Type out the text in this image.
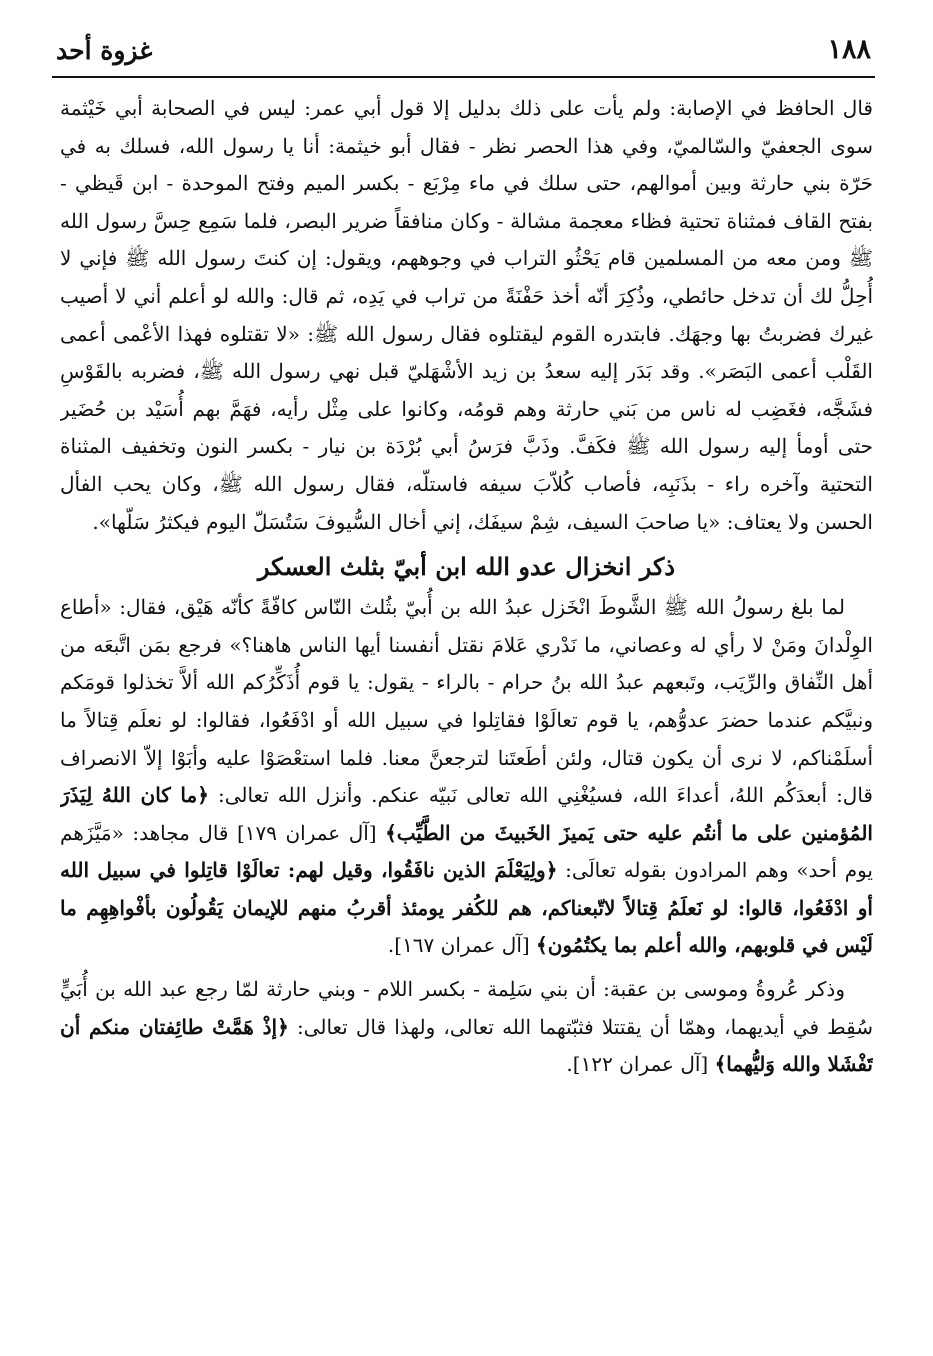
١٨٨
غزوة أحد

قال الحافظ في الإصابة: ولم يأت على ذلك بدليل إلا قول أبي عمر: ليس في الصحابة أبي خَيْثمة سوى الجعفيّ والسّالميّ، وفي هذا الحصر نظر - فقال أبو خيثمة: أنا يا رسول الله، فسلك به في حَرّة بني حارثة وبين أموالهم، حتى سلك في ماء مِرْبَع - بكسر الميم وفتح الموحدة - ابن قَيظي - بفتح القاف فمثناة تحتية فظاء معجمة مشالة - وكان منافقاً ضرير البصر، فلما سَمِع حِسَّ رسول الله ﷺ ومن معه من المسلمين قام يَحْثُو التراب في وجوههم، ويقول: إن كنتَ رسول الله ﷺ فإني لا أُحِلُّ لك أن تدخل حائطي، وذُكِرَ أنّه أخذ حَفْنَةً من تراب في يَدِه، ثم قال: والله لو أعلم أني لا أصيب غيرك فضربتُ بها وجهَك. فابتدره القوم ليقتلوه فقال رسول الله ﷺ: «لا تقتلوه فهذا الأعْمى أعمى القَلْب أعمى البَصَر». وقد بَدَر إليه سعدُ بن زيد الأشْهَليّ قبل نهي رسول الله ﷺ، فضربه بالقَوْسِ فشَجَّه، فغَضِب له ناس من بَني حارثة وهم قومُه، وكانوا على مِثْل رأيه، فهَمَّ بهم أُسَيْد بن حُضَير حتى أومأ إليه رسول الله ﷺ فكَفَّ. وذَبَّ فرَسُ أبي بُرْدَة بن نيار - بكسر النون وتخفيف المثناة التحتية وآخره راء - بذَنَبِه، فأصاب كُلاّبَ سيفه فاستلّه، فقال رسول الله ﷺ، وكان يحب الفأل الحسن ولا يعتاف: «يا صاحبَ السيف، شِمْ سيفَك، إني أخال السُّيوفَ سَتُسَلّ اليوم فيكثرُ سَلّها».

ذكر انخزال عدو الله ابن أبيّ بثلث العسكر

لما بلغ رسولُ الله ﷺ الشَّوطَ انْخَزل عبدُ الله بن أُبيّ بثُلث النّاس كافّةً كأنّه هَيْق، فقال: «أطاع الوِلْدانَ ومَنْ لا رأي له وعصاني، ما نَدْري عَلامَ نقتل أنفسنا أيها الناس هاهنا؟» فرجع بمَن اتَّبعَه من أهل النِّفاق والرِّيَب، وتَبعهم عبدُ الله بنُ حرام - بالراء - يقول: يا قوم أُذَكِّرُكم الله ألاَّ تخذلوا قومَكم ونبيَّكم عندما حضرَ عدوُّهم، يا قوم تعالَوْا فقاتِلوا في سبيل الله أو ادْفَعُوا، فقالوا: لو نعلَم قِتالاً ما أسلَمْناكم، لا نرى أن يكون قتال، ولئن أطَعتَنا لترجعنَّ معنا. فلما استعْصَوْا عليه وأبَوْا إلاّ الانصراف قال: أبعدَكُم اللهُ، أعداءَ الله، فسيُغْنِي الله تعالى نَبيّه عنكم. وأنزل الله تعالى: ﴿ما كان اللهُ لِيَذَرَ المُؤمنين على ما أنتُم عليه حتى يَميزَ الخَبيثَ من الطَّيِّب﴾ [آل عمران ١٧٩] قال مجاهد: «مَيَّزَهم يوم أحد» وهم المرادون بقوله تعالَى: ﴿ولِيَعْلَمَ الذين نافَقُوا، وقيل لهم: تعالَوْا قاتِلوا في سبيل الله أو ادْفَعُوا، قالوا: لو نَعلَمُ قِتالاً لاتّبعناكم، هم للكُفر يومئذ أقربُ منهم للإيمان يَقُولُون بأفْواهِهِم ما لَيْس في قلوبهم، والله أعلم بما يكتُمُون﴾ [آل عمران ١٦٧].

وذكر عُروةُ وموسى بن عقبة: أن بني سَلِمة - بكسر اللام - وبني حارثة لمّا رجع عبد الله بن أُبَيٍّ سُقِط في أيديهما، وهمّا أن يقتتلا فثبّتهما الله تعالى، ولهذا قال تعالى: ﴿إذْ هَمَّتْ طائِفتان منكم أن تَفْشَلا والله وَليُّهما﴾ [آل عمران ١٢٢].
